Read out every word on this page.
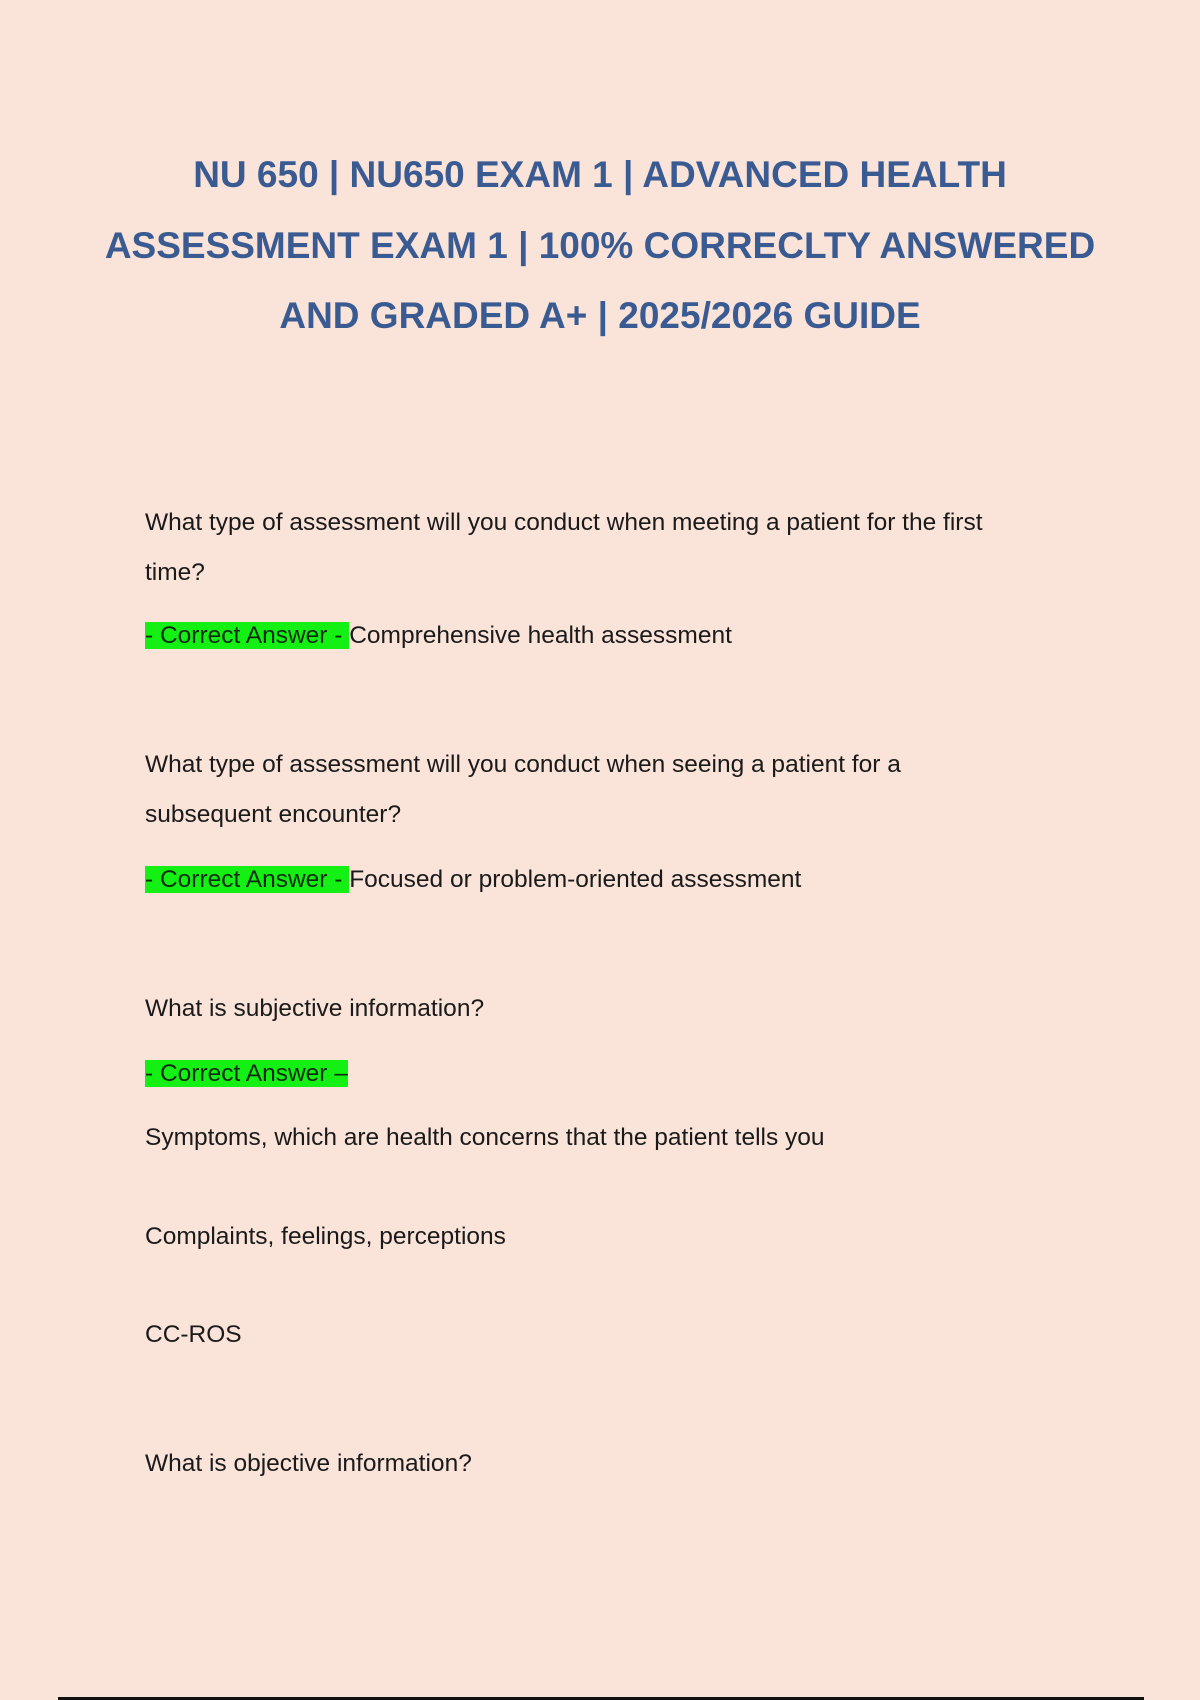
NU 650 | NU650 EXAM 1 | ADVANCED HEALTH ASSESSMENT EXAM 1 | 100% CORRECLTY ANSWERED AND GRADED A+ | 2025/2026 GUIDE
What type of assessment will you conduct when meeting a patient for the first time?
- Correct Answer - Comprehensive health assessment
What type of assessment will you conduct when seeing a patient for a subsequent encounter?
- Correct Answer - Focused or problem-oriented assessment
What is subjective information?
- Correct Answer –
Symptoms, which are health concerns that the patient tells you
Complaints, feelings, perceptions
CC-ROS
What is objective information?
